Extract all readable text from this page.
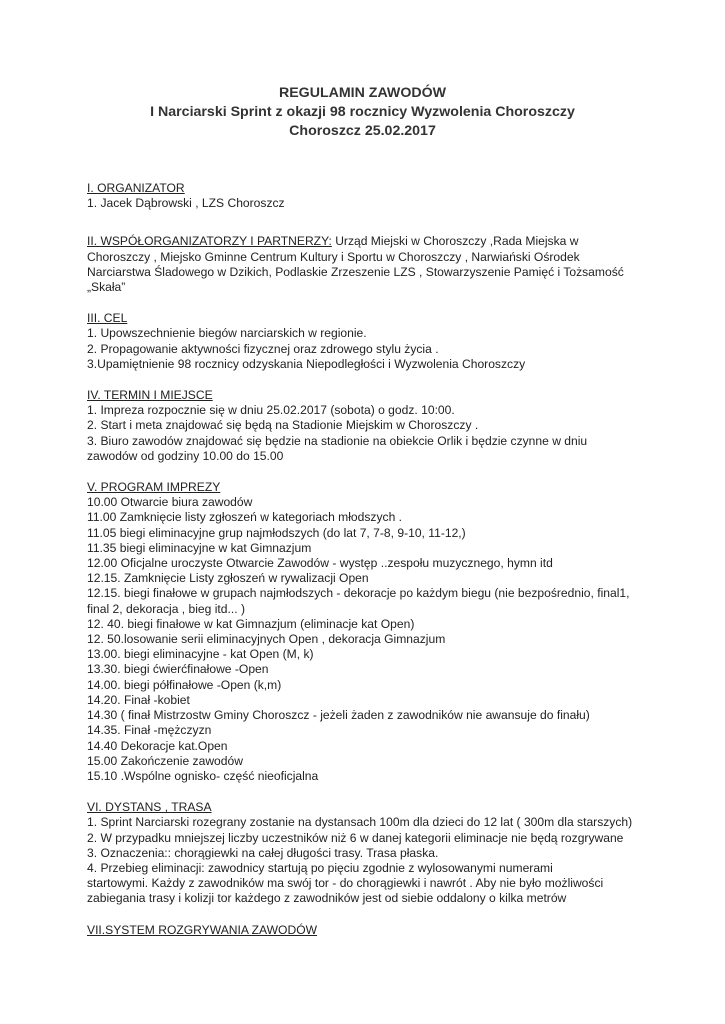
REGULAMIN ZAWODÓW
I Narciarski Sprint z okazji 98 rocznicy Wyzwolenia Choroszczy
Choroszcz 25.02.2017
I. ORGANIZATOR
1. Jacek Dąbrowski , LZS Choroszcz
II. WSPÓŁORGANIZATORZY I PARTNERZY: Urząd Miejski w Choroszczy ,Rada Miejska w
Choroszczy , Miejsko Gminne Centrum Kultury i Sportu w Choroszczy , Narwiański Ośrodek
Narciarstwa Śladowego w Dzikich, Podlaskie Zrzeszenie LZS , Stowarzyszenie Pamięć i Tożsamość
„Skała”
III. CEL
1. Upowszechnienie biegów narciarskich w regionie.
2. Propagowanie aktywności fizycznej oraz zdrowego stylu życia .
3.Upamiętnienie 98 rocznicy odzyskania Niepodległości i Wyzwolenia Choroszczy
IV. TERMIN I MIEJSCE
1. Impreza rozpocznie się w dniu 25.02.2017 (sobota) o godz. 10:00.
2. Start i meta znajdować się będą na Stadionie Miejskim w Choroszczy .
3. Biuro zawodów znajdować się będzie na stadionie na obiekcie Orlik i będzie czynne w dniu
zawodów od godziny 10.00 do 15.00
V. PROGRAM IMPREZY
10.00 Otwarcie biura zawodów
11.00 Zamknięcie listy zgłoszeń w kategoriach młodszych .
11.05 biegi eliminacyjne grup najmłodszych (do lat 7, 7-8, 9-10, 11-12,)
11.35 biegi eliminacyjne w kat Gimnazjum
12.00 Oficjalne uroczyste Otwarcie Zawodów - występ ..zespołu muzycznego, hymn itd
12.15. Zamknięcie Listy zgłoszeń w rywalizacji Open
12.15. biegi finałowe w grupach najmłodszych - dekoracje po każdym biegu (nie bezpośrednio, final1,
final 2, dekoracja , bieg itd... )
12. 40. biegi finałowe w kat Gimnazjum (eliminacje kat Open)
12. 50.losowanie serii eliminacyjnych Open , dekoracja Gimnazjum
13.00. biegi eliminacyjne - kat Open (M, k)
13.30. biegi ćwierćfinałowe -Open
14.00. biegi półfinałowe -Open (k,m)
14.20. Finał -kobiet
14.30 ( finał Mistrzostw Gminy Choroszcz - jeżeli żaden z zawodników nie awansuje do finału)
14.35. Finał -mężczyzn
14.40 Dekoracje kat.Open
15.00 Zakończenie zawodów
15.10 .Wspólne ognisko- część nieoficjalna
VI. DYSTANS , TRASA
1. Sprint Narciarski rozegrany zostanie na dystansach 100m dla dzieci do 12 lat ( 300m dla starszych)
2. W przypadku mniejszej liczby uczestników niż 6 w danej kategorii eliminacje nie będą rozgrywane
3. Oznaczenia:: chorągiewki na całej długości trasy. Trasa płaska.
4. Przebieg eliminacji: zawodnicy startują po pięciu zgodnie z wylosowanymi numerami
startowymi. Każdy z zawodników ma swój tor - do chorągiewki i nawrót . Aby nie było możliwości
zabiegania trasy i kolizji tor każdego z zawodników jest od siebie oddalony o kilka metrów
VII.SYSTEM ROZGRYWANIA ZAWODÓW
